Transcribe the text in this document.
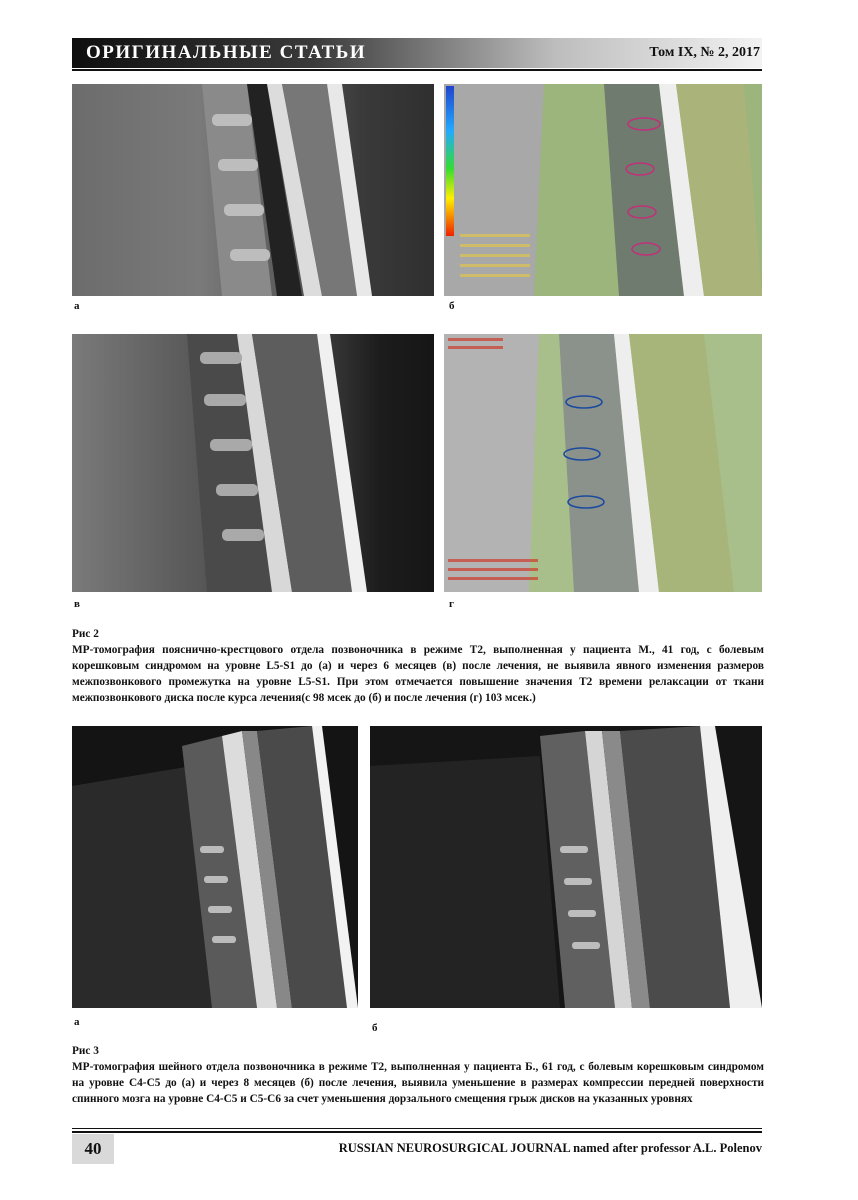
ОРИГИНАЛЬНЫЕ СТАТЬИ	Том IX, № 2, 2017
а	б
в	г
Рис 2
МР-томография пояснично-крестцового отдела позвоночника в режиме Т2, выполненная у пациента М., 41 год, с болевым корешковым синдромом на уровне L5-S1 до (а) и через 6 месяцев (в) после лечения, не выявила явного изменения размеров межпозвонкового промежутка на уровне L5-S1. При этом отмечается повышение значения Т2 времени релаксации от ткани межпозвонкового диска после курса лечения(с 98 мсек до (б) и после лечения (г) 103 мсек.)
а	б
Рис 3
МР-томография шейного отдела позвоночника в режиме Т2, выполненная у пациента Б., 61 год, с болевым корешковым синдромом на уровне С4-С5 до (а) и через 8 месяцев (б) после лечения, выявила уменьшение в размерах компрессии передней поверхности спинного мозга на уровне С4-С5 и С5-С6 за счет уменьшения дорзального смещения грыж дисков на указанных уровнях
40	RUSSIAN NEUROSURGICAL JOURNAL named after professor A.L. Polenov
